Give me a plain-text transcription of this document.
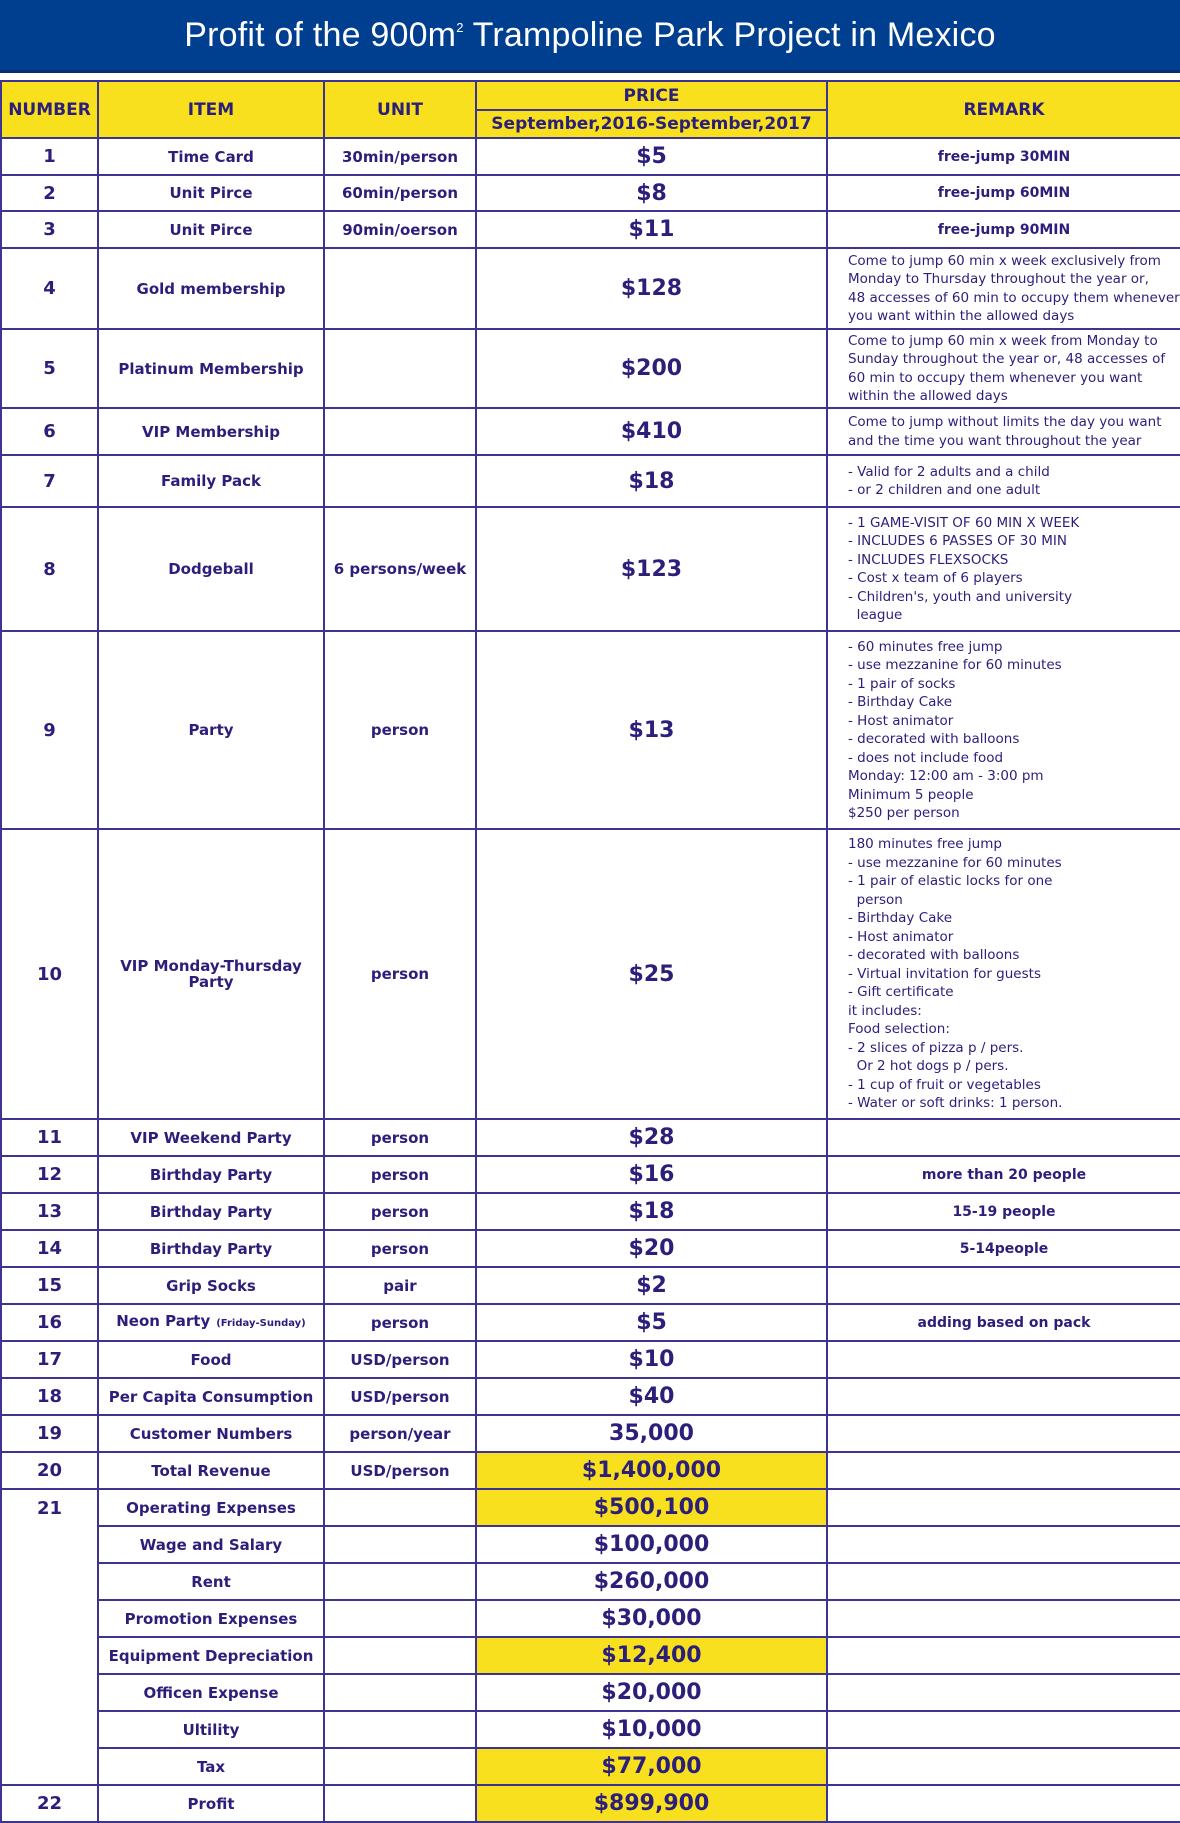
Profit of the $900m^2$ Trampoline Park Project in Mexico
NUMBER	ITEM	UNIT	PRICE	REMARK
			September,2016-September,2017	
1	Time Card	30min/person	$5	free-jump 30MIN
2	Unit Pirce	60min/person	$8	free-jump 60MIN
3	Unit Pirce	90min/oerson	$11	free-jump 90MIN
4	Gold membership		$128	Come to jump 60 min x week exclusively from
Monday to Thursday throughout the year or,
48 accesses of 60 min to occupy them whenever
you want within the allowed days

5	Platinum Membership		$200	Come to jump 60 min x week from Monday to
Sunday throughout the year or, 48 accesses of
60 min to occupy them whenever you want
within the allowed days

6	VIP Membership		$410	Come to jump without limits the day you want
and the time you want throughout the year

7	Family Pack		$18	- Valid for 2 adults and a child
- or 2 children and one adult

8	Dodgeball	6 persons/week	$123	
- 1 GAME-VISIT OF 60 MIN X WEEK
- INCLUDES 6 PASSES OF 30 MIN
- INCLUDES FLEXSOCKS
- Cost x team of 6 players
- Children's, youth and university
league

9	Party	person	$13	
- 60 minutes free jump
- use mezzanine for 60 minutes
- 1 pair of socks
- Birthday Cake
- Host animator
- decorated with balloons
- does not include food
Monday: 12:00 am - 3:00 pm
Minimum 5 people
$250 per person

10	VIP Monday-Thursday Party	person	$25	
180 minutes free jump
- use mezzanine for 60 minutes
- 1 pair of elastic locks for one
person
- Birthday Cake
- Host animator
- decorated with balloons
- Virtual invitation for guests
- Gift certificate
it includes:
Food selection:
- 2 slices of pizza p / pers.
Or 2 hot dogs p / pers.
- 1 cup of fruit or vegetables
- Water or soft drinks: 1 person.

11	VIP Weekend Party	person	$28	
12	Birthday Party	person	$16	more than 20 people
13	Birthday Party	person	$18	15-19 people
14	Birthday Party	person	$20	5-14people
15	Grip Socks	pair	$2	
16	Neon Party (Friday-Sunday)	person	$5	adding based on pack
17	Food	USD/person	$10	
18	Per Capita Consumption	USD/person	$40	
19	Customer Numbers	person/year	35,000	
20	Total Revenue	USD/person	$1,400,000	
21	Operating Expenses		$500,100	
	Wage and Salary		$100,000	
	Rent		$260,000	
	Promotion Expenses		$30,000	
	Equipment Depreciation		$12,400	
	Officen Expense		$20,000	
	Ultility		$10,000	
	Tax		$77,000	
22	Profit		$899,900	
